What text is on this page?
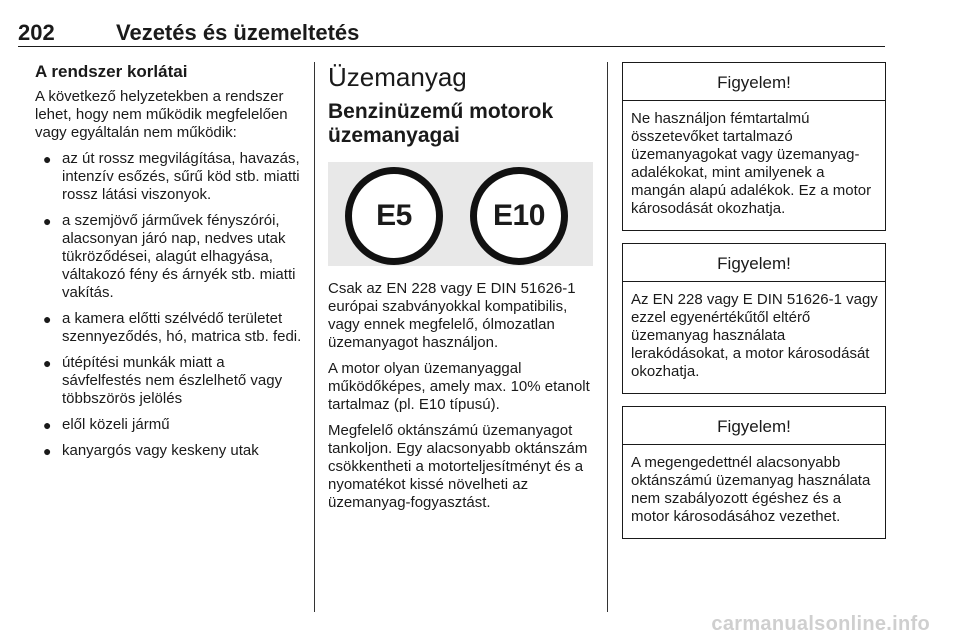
202	Vezetés és üzemeltetés
A rendszer korlátai

A következő helyzetekben a rendszer lehet, hogy nem működik megfelelően vagy egyáltalán nem működik:

● az út rossz megvilágítása, havazás, intenzív esőzés, sűrű köd stb. miatti rossz látási viszonyok.
● a szemjövő járművek fényszórói, alacsonyan járó nap, nedves utak tükröződései, alagút elhagyása, váltakozó fény és árnyék stb. miatti vakítás.
● a kamera előtti szélvédő területet szennyeződés, hó, matrica stb. fedi.
● útépítési munkák miatt a sávfelfestés nem észlelhető vagy többszörös jelölés
● elől közeli jármű
● kanyargós vagy keskeny utak
Üzemanyag
Benzinüzemű motorok üzemanyagai
E5	E10

Csak az EN 228 vagy E DIN 51626-1 európai szabványokkal kompatibilis, vagy ennek megfelelő, ólmozatlan üzemanyagot használjon.

A motor olyan üzemanyaggal működőképes, amely max. 10% etanolt tartalmaz (pl. E10 típusú).

Megfelelő oktánszámú üzemanyagot tankoljon. Egy alacsonyabb oktánszám csökkentheti a motorteljesítményt és a nyomatékot kissé növelheti az üzemanyag-fogyasztást.

Figyelem!
Ne használjon fémtartalmú összetevőket tartalmazó üzemanyagokat vagy üzemanyag-adalékokat, mint amilyenek a mangán alapú adalékok. Ez a motor károsodását okozhatja.
Figyelem!
Az EN 228 vagy E DIN 51626-1 vagy ezzel egyenértékűtől eltérő üzemanyag használata lerakódásokat, a motor károsodását okozhatja.
Figyelem!
A megengedettnél alacsonyabb oktánszámú üzemanyag használata nem szabályozott égéshez és a motor károsodásához vezethet.
carmanualsonline.info
